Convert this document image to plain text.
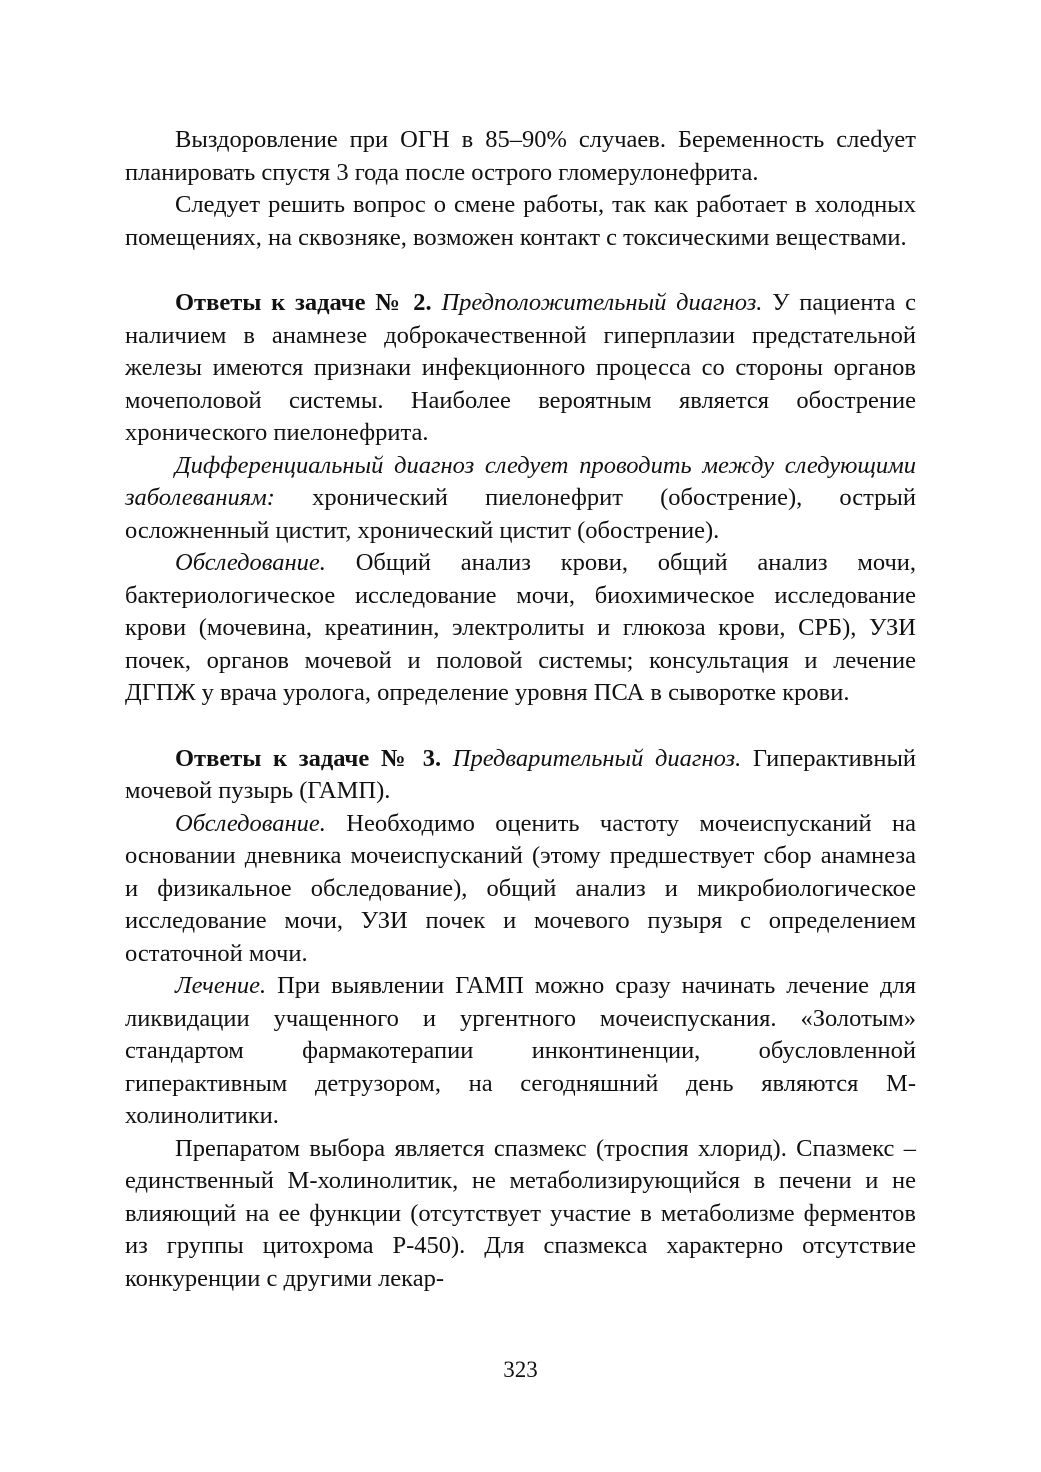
Выздоровление при ОГН в 85–90% случаев. Беременность слеdует планировать спустя 3 года после острого гломерулонефрита.

Следует решить вопрос о смене работы, так как работает в холодных помещениях, на сквозняке, возможен контакт с токсическими веществами.

Ответы к задаче № 2. Предположительный диагноз. У пациента с наличием в анамнезе доброкачественной гиперплазии предстательной железы имеются признаки инфекционного процесса со стороны органов мочеполовой системы. Наиболее вероятным является обострение хронического пиелонефрита.

Дифференциальный диагноз следует проводить между следующими заболеваниям: хронический пиелонефрит (обострение), острый осложненный цистит, хронический цистит (обострение).

Обследование. Общий анализ крови, общий анализ мочи, бактериологическое исследование мочи, биохимическое исследование крови (мочевина, креатинин, электролиты и глюкоза крови, СРБ), УЗИ почек, органов мочевой и половой системы; консультация и лечение ДГПЖ у врача уролога, определение уровня ПСА в сыворотке крови.

Ответы к задаче № 3. Предварительный диагноз. Гиперактивный мочевой пузырь (ГАМП).

Обследование. Необходимо оценить частоту мочеиспусканий на основании дневника мочеиспусканий (этому предшествует сбор анамнеза и физикальное обследование), общий анализ и микробиологическое исследование мочи, УЗИ почек и мочевого пузыря с определением остаточной мочи.

Лечение. При выявлении ГАМП можно сразу начинать лечение для ликвидации учащенного и ургентного мочеиспускания. «Золотым» стандартом фармакотерапии инконтиненции, обусловленной гиперактивным детрузором, на сегодняшний день являются М-холинолитики.

Препаратом выбора является спазмекс (троспия хлорид). Спазмекс – единственный М-холинолитик, не метаболизирующийся в печени и не влияющий на ее функции (отсутствует участие в метаболизме ферментов из группы цитохрома Р-450). Для спазмекса характерно отсутствие конкуренции с другими лекар-

323
